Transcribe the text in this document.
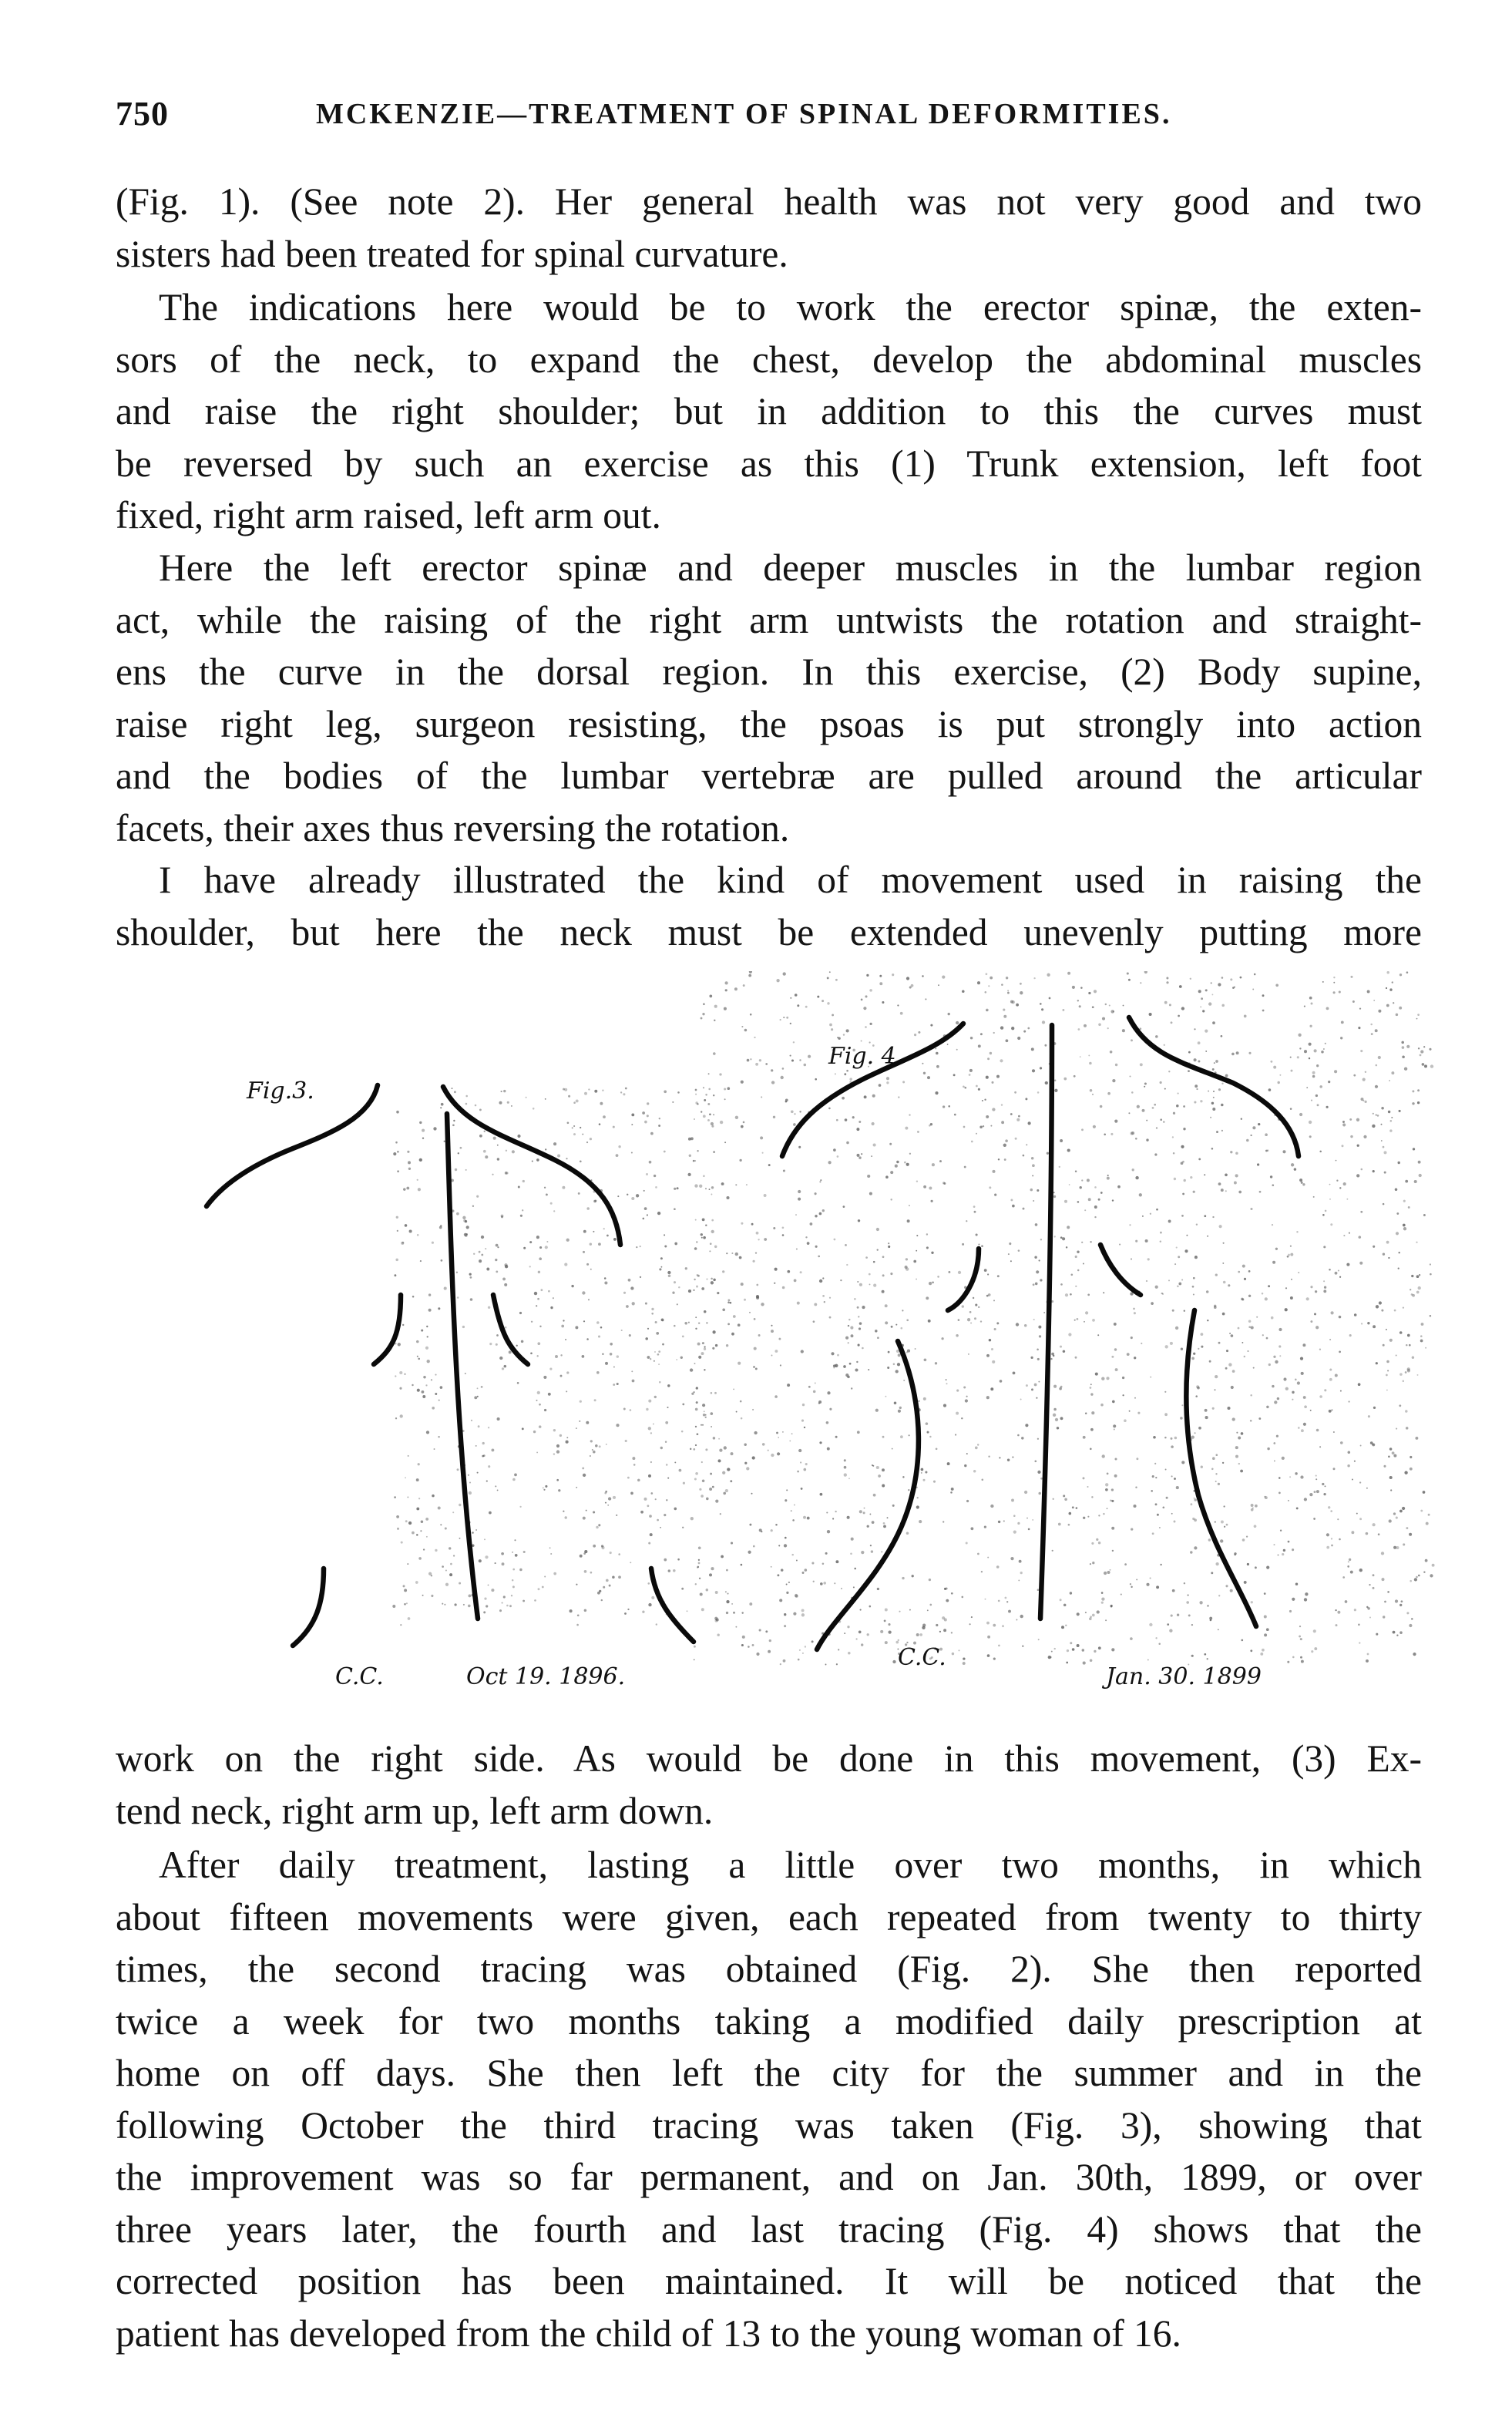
750	MCKENZIE—TREATMENT OF SPINAL DEFORMITIES.
(Fig. 1). (See note 2). Her general health was not very good and two
sisters had been treated for spinal curvature.
The indications here would be to work the erector spinæ, the exten-
sors of the neck, to expand the chest, develop the abdominal muscles
and raise the right shoulder; but in addition to this the curves must
be reversed by such an exercise as this (1) Trunk extension, left foot
fixed, right arm raised, left arm out.
Here the left erector spinæ and deeper muscles in the lumbar region
act, while the raising of the right arm untwists the rotation and straight-
ens the curve in the dorsal region. In this exercise, (2) Body supine,
raise right leg, surgeon resisting, the psoas is put strongly into action
and the bodies of the lumbar vertebræ are pulled around the articular
facets, their axes thus reversing the rotation.
I have already illustrated the kind of movement used in raising the
shoulder, but here the neck must be extended unevenly putting more
Fig.3.
C.C.	Oct 19. 1896.
Fig. 4
C.C.
Jan. 30. 1899
work on the right side. As would be done in this movement, (3) Ex-
tend neck, right arm up, left arm down.
After daily treatment, lasting a little over two months, in which
about fifteen movements were given, each repeated from twenty to thirty
times, the second tracing was obtained (Fig. 2). She then reported
twice a week for two months taking a modified daily prescription at
home on off days. She then left the city for the summer and in the
following October the third tracing was taken (Fig. 3), showing that
the improvement was so far permanent, and on Jan. 30th, 1899, or over
three years later, the fourth and last tracing (Fig. 4) shows that the
corrected position has been maintained. It will be noticed that the
patient has developed from the child of 13 to the young woman of 16.
